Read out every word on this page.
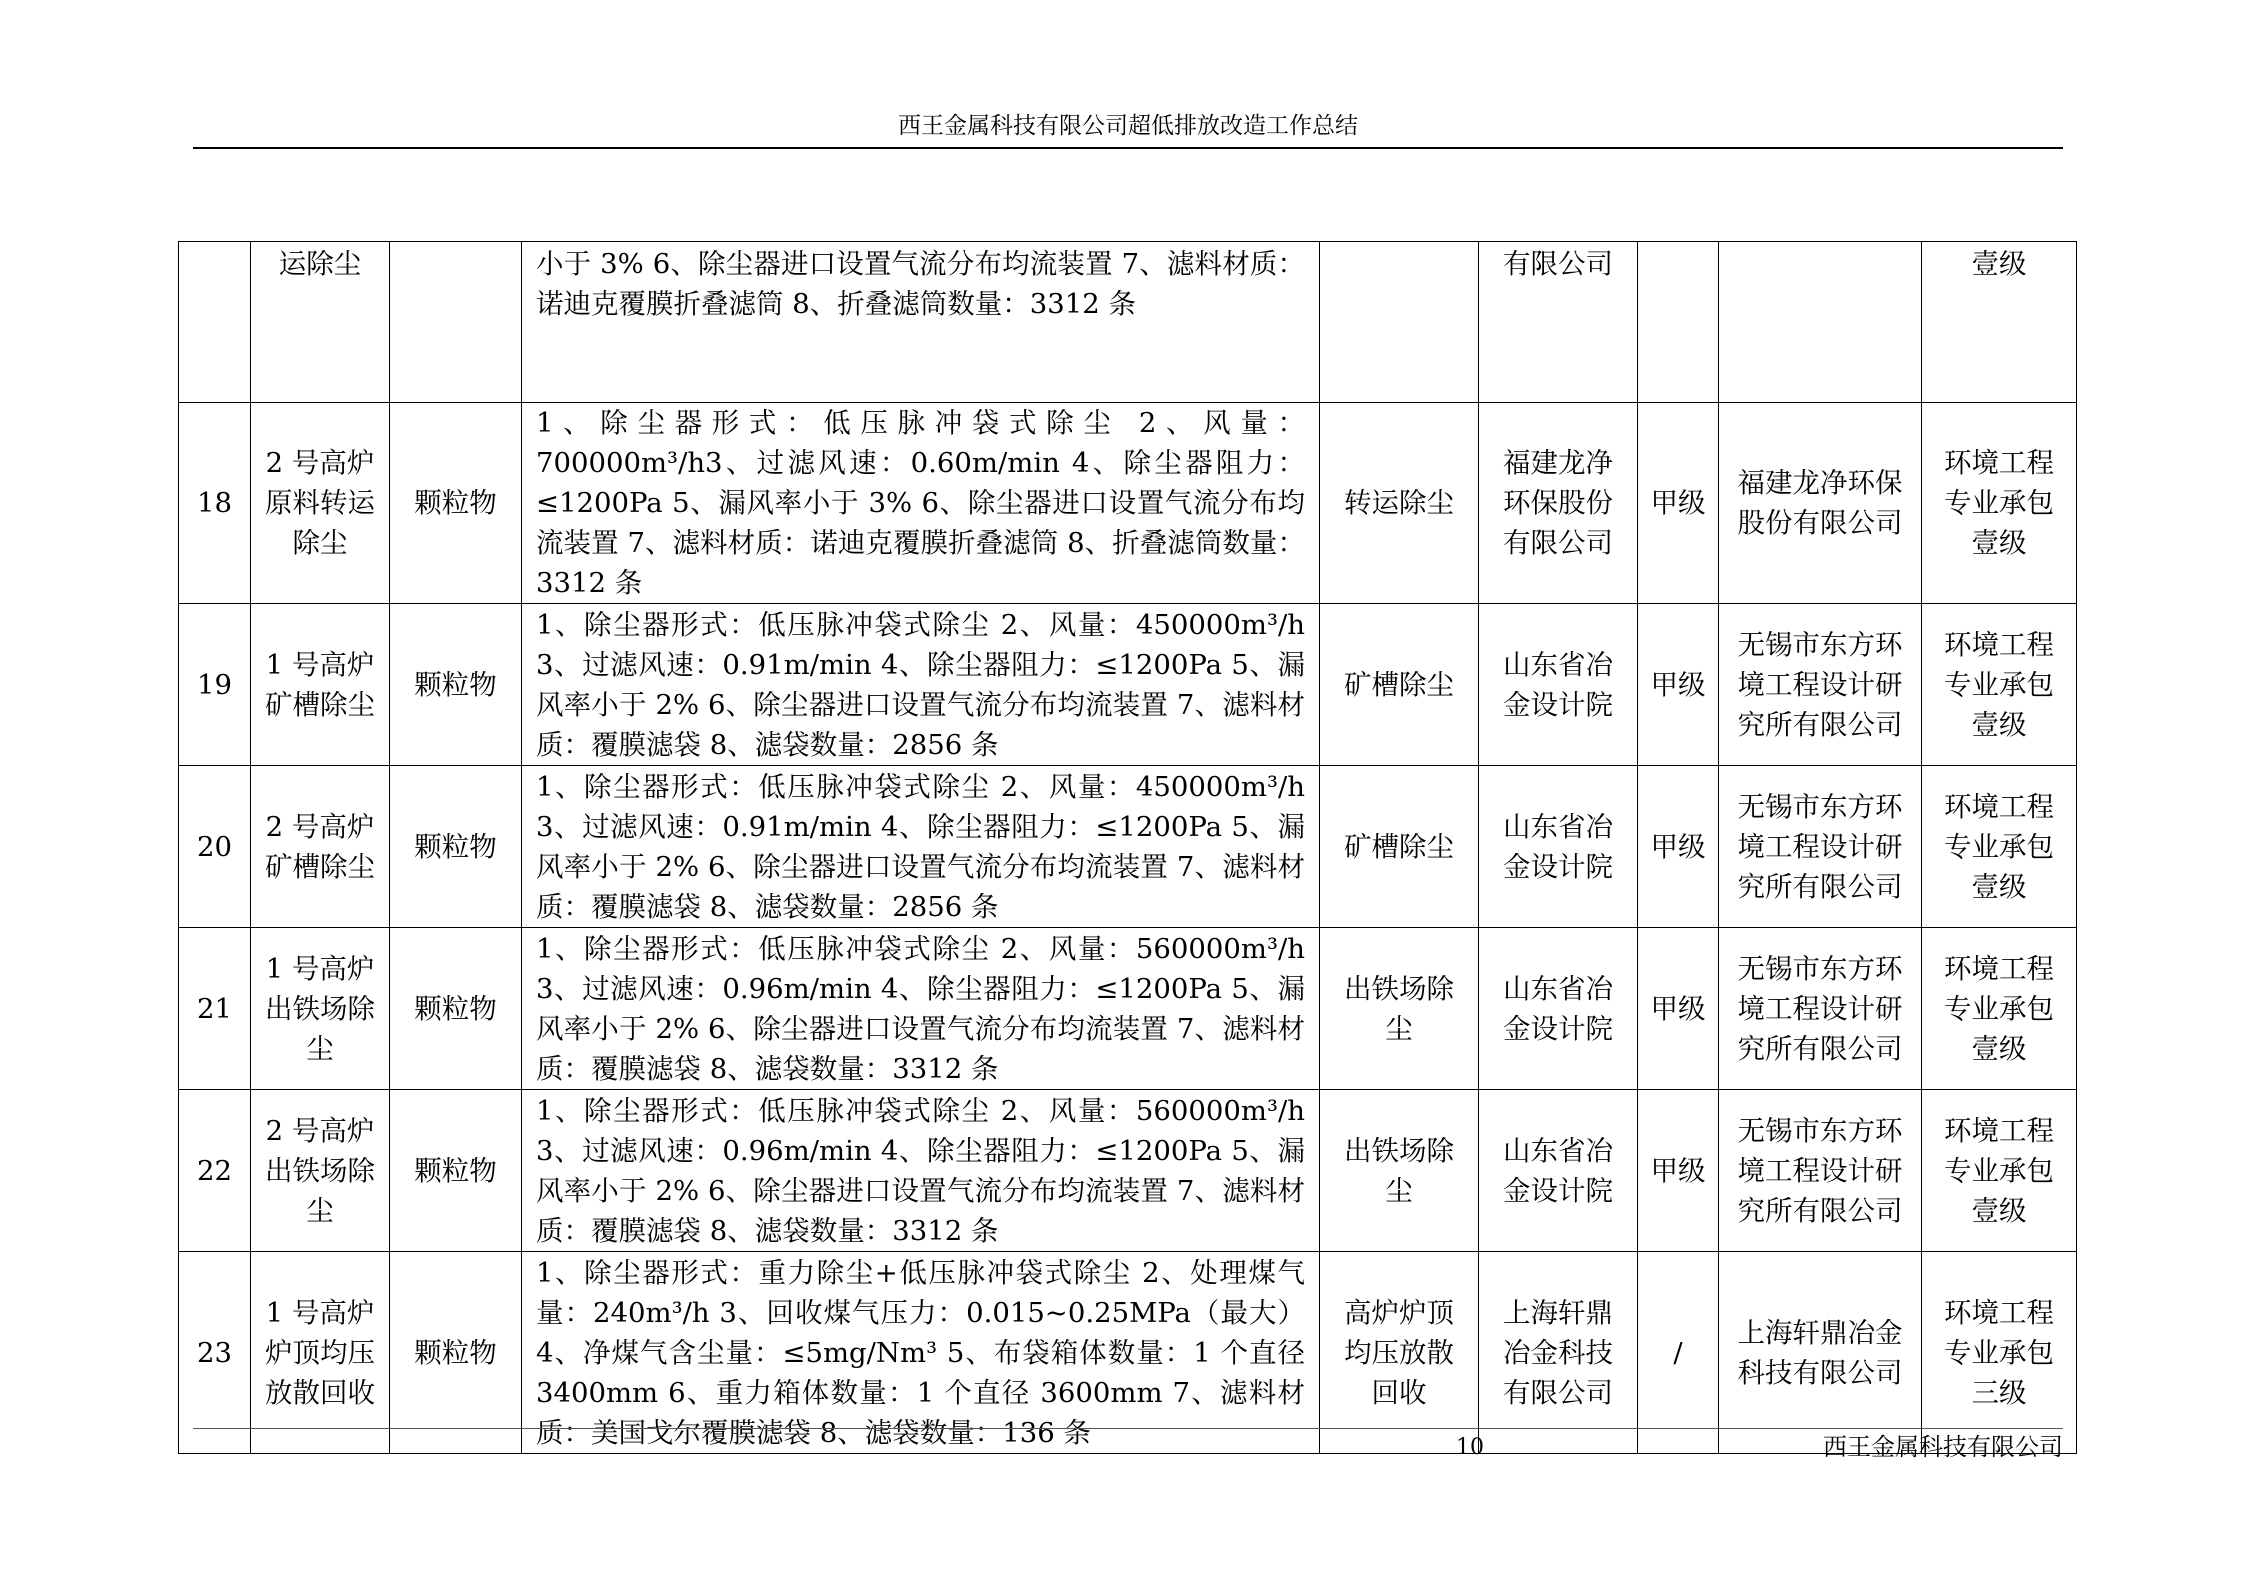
西王金属科技有限公司超低排放改造工作总结
	运除尘		小于 3% 6、除尘器进口设置气流分布均流装置 7、滤料材质：诺迪克覆膜折叠滤筒 8、折叠滤筒数量：3312 条		有限公司			壹级
18	2 号高炉原料转运除尘	颗粒物	1、除尘器形式：低压脉冲袋式除尘 2、风量：700000m³/h3、过滤风速：0.60m/min 4、除尘器阻力：≤1200Pa 5、漏风率小于 3% 6、除尘器进口设置气流分布均流装置 7、滤料材质：诺迪克覆膜折叠滤筒 8、折叠滤筒数量：3312 条	转运除尘	福建龙净环保股份有限公司	甲级	福建龙净环保股份有限公司	环境工程专业承包壹级
19	1 号高炉矿槽除尘	颗粒物	1、除尘器形式：低压脉冲袋式除尘 2、风量：450000m³/h 3、过滤风速：0.91m/min 4、除尘器阻力：≤1200Pa 5、漏风率小于 2% 6、除尘器进口设置气流分布均流装置 7、滤料材质：覆膜滤袋 8、滤袋数量：2856 条	矿槽除尘	山东省冶金设计院	甲级	无锡市东方环境工程设计研究所有限公司	环境工程专业承包壹级
20	2 号高炉矿槽除尘	颗粒物	1、除尘器形式：低压脉冲袋式除尘 2、风量：450000m³/h 3、过滤风速：0.91m/min 4、除尘器阻力：≤1200Pa 5、漏风率小于 2% 6、除尘器进口设置气流分布均流装置 7、滤料材质：覆膜滤袋 8、滤袋数量：2856 条	矿槽除尘	山东省冶金设计院	甲级	无锡市东方环境工程设计研究所有限公司	环境工程专业承包壹级
21	1 号高炉出铁场除尘	颗粒物	1、除尘器形式：低压脉冲袋式除尘 2、风量：560000m³/h 3、过滤风速：0.96m/min 4、除尘器阻力：≤1200Pa 5、漏风率小于 2% 6、除尘器进口设置气流分布均流装置 7、滤料材质：覆膜滤袋 8、滤袋数量：3312 条	出铁场除尘	山东省冶金设计院	甲级	无锡市东方环境工程设计研究所有限公司	环境工程专业承包壹级
22	2 号高炉出铁场除尘	颗粒物	1、除尘器形式：低压脉冲袋式除尘 2、风量：560000m³/h 3、过滤风速：0.96m/min 4、除尘器阻力：≤1200Pa 5、漏风率小于 2% 6、除尘器进口设置气流分布均流装置 7、滤料材质：覆膜滤袋 8、滤袋数量：3312 条	出铁场除尘	山东省冶金设计院	甲级	无锡市东方环境工程设计研究所有限公司	环境工程专业承包壹级
23	1 号高炉炉顶均压放散回收	颗粒物	1、除尘器形式：重力除尘+低压脉冲袋式除尘 2、处理煤气量：240m³/h 3、回收煤气压力：0.015~0.25MPa（最大）4、净煤气含尘量：≤5mg/Nm³ 5、布袋箱体数量：1 个直径 3400mm 6、重力箱体数量：1 个直径 3600mm 7、滤料材质：美国戈尔覆膜滤袋 8、滤袋数量：136 条	高炉炉顶均压放散回收	上海轩鼎冶金科技有限公司	/	上海轩鼎冶金科技有限公司	环境工程专业承包三级
10	西王金属科技有限公司
